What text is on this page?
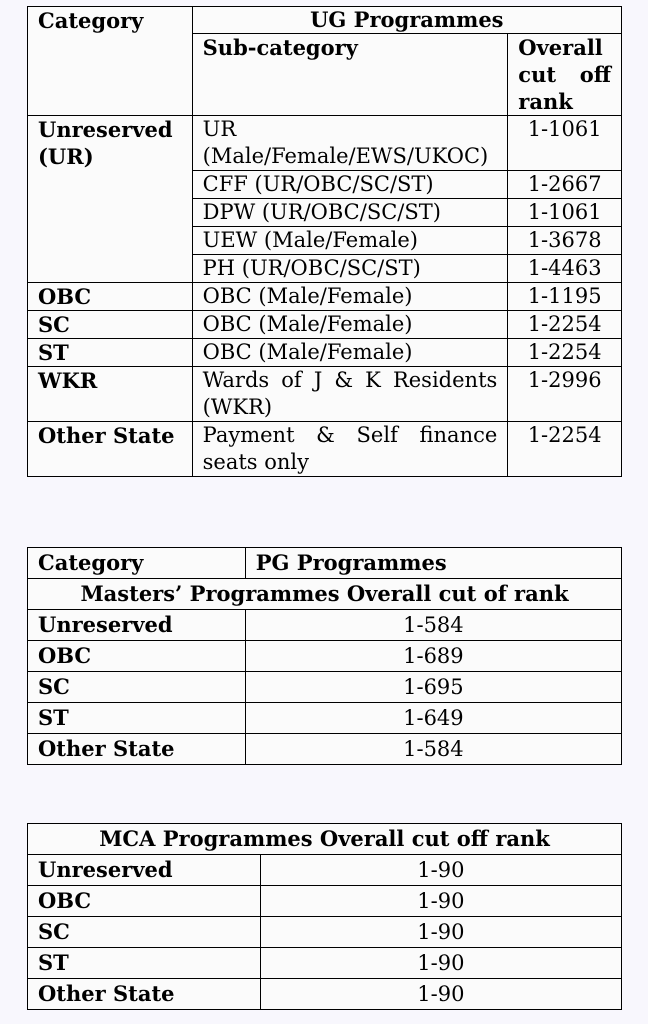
Category	UG Programmes	
	Sub-category	Overall cut off rank
Unreserved (UR)	UR (Male/Female/EWS/UKOC)	1-1061
	CFF (UR/OBC/SC/ST)	1-2667
	DPW (UR/OBC/SC/ST)	1-1061
	UEW (Male/Female)	1-3678
	PH (UR/OBC/SC/ST)	1-4463
OBC	OBC (Male/Female)	1-1195
SC	OBC (Male/Female)	1-2254
ST	OBC (Male/Female)	1-2254
WKR	Wards of J & K Residents (WKR)	1-2996
Other State	Payment & Self finance seats only	1-2254
Category	PG Programmes
Masters’ Programmes Overall cut of rank	
Unreserved	1-584
OBC	1-689
SC	1-695
ST	1-649
Other State	1-584
MCA Programmes Overall cut off rank	
Unreserved	1-90
OBC	1-90
SC	1-90
ST	1-90
Other State	1-90
